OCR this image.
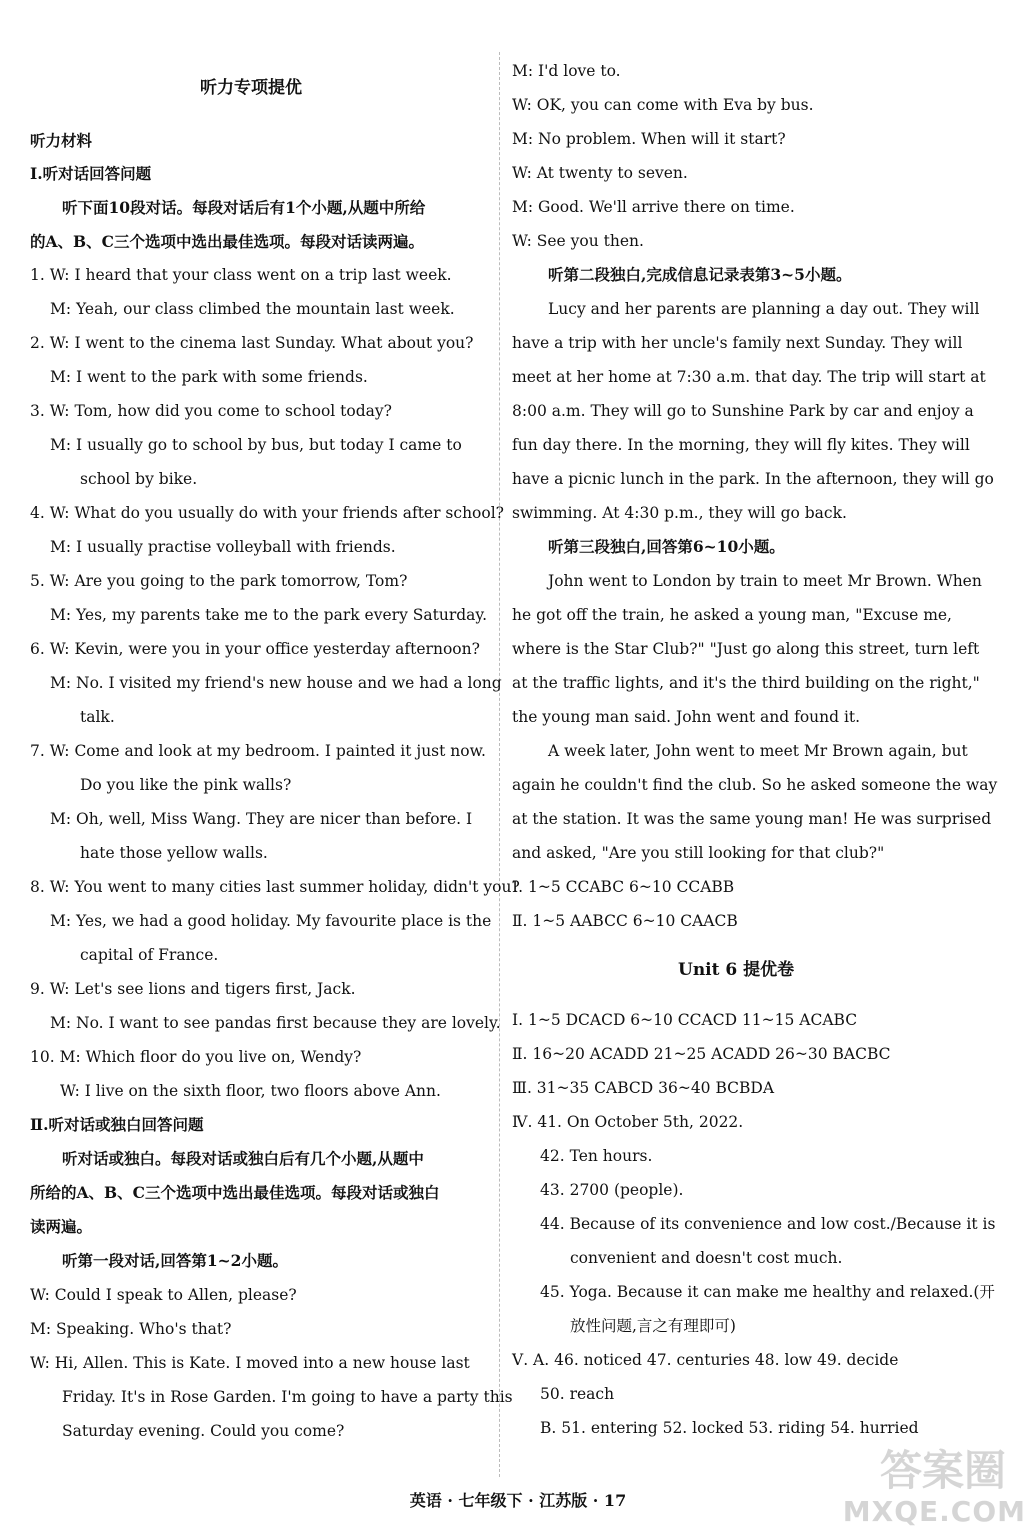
听力专项提优
听力材料
Ⅰ.听对话回答问题
听下面10段对话。每段对话后有1个小题,从题中所给
的A、B、C三个选项中选出最佳选项。每段对话读两遍。
1. W: I heard that your class went on a trip last week.
M: Yeah, our class climbed the mountain last week.
2. W: I went to the cinema last Sunday. What about you?
M: I went to the park with some friends.
3. W: Tom, how did you come to school today?
M: I usually go to school by bus, but today I came to
school by bike.
4. W: What do you usually do with your friends after school?
M: I usually practise volleyball with friends.
5. W: Are you going to the park tomorrow, Tom?
M: Yes, my parents take me to the park every Saturday.
6. W: Kevin, were you in your office yesterday afternoon?
M: No. I visited my friend's new house and we had a long
talk.
7. W: Come and look at my bedroom. I painted it just now.
Do you like the pink walls?
M: Oh, well, Miss Wang. They are nicer than before. I
hate those yellow walls.
8. W: You went to many cities last summer holiday, didn't you?
M: Yes, we had a good holiday. My favourite place is the
capital of France.
9. W: Let's see lions and tigers first, Jack.
M: No. I want to see pandas first because they are lovely.
10. M: Which floor do you live on, Wendy?
W: I live on the sixth floor, two floors above Ann.
Ⅱ.听对话或独白回答问题
听对话或独白。每段对话或独白后有几个小题,从题中
所给的A、B、C三个选项中选出最佳选项。每段对话或独白
读两遍。
听第一段对话,回答第1~2小题。
W: Could I speak to Allen, please?
M: Speaking. Who's that?
W: Hi, Allen. This is Kate. I moved into a new house last
Friday. It's in Rose Garden. I'm going to have a party this
Saturday evening. Could you come?
M: I'd love to.
W: OK, you can come with Eva by bus.
M: No problem. When will it start?
W: At twenty to seven.
M: Good. We'll arrive there on time.
W: See you then.
听第二段独白,完成信息记录表第3~5小题。
Lucy and her parents are planning a day out. They will
have a trip with her uncle's family next Sunday. They will
meet at her home at 7:30 a.m. that day. The trip will start at
8:00 a.m. They will go to Sunshine Park by car and enjoy a
fun day there. In the morning, they will fly kites. They will
have a picnic lunch in the park. In the afternoon, they will go
swimming. At 4:30 p.m., they will go back.
听第三段独白,回答第6~10小题。
John went to London by train to meet Mr Brown. When
he got off the train, he asked a young man, "Excuse me,
where is the Star Club?" "Just go along this street, turn left
at the traffic lights, and it's the third building on the right,"
the young man said. John went and found it.
A week later, John went to meet Mr Brown again, but
again he couldn't find the club. So he asked someone the way
at the station. It was the same young man! He was surprised
and asked, "Are you still looking for that club?"
Ⅰ. 1~5 CCABC 6~10 CCABB
Ⅱ. 1~5 AABCC 6~10 CAACB
Unit 6 提优卷
Ⅰ. 1~5 DCACD 6~10 CCACD 11~15 ACABC
Ⅱ. 16~20 ACADD 21~25 ACADD 26~30 BACBC
Ⅲ. 31~35 CABCD 36~40 BCBDA
Ⅳ. 41. On October 5th, 2022.
42. Ten hours.
43. 2700 (people).
44. Because of its convenience and low cost./Because it is
convenient and doesn't cost much.
45. Yoga. Because it can make me healthy and relaxed.(开
放性问题,言之有理即可)
Ⅴ. A. 46. noticed 47. centuries 48. low 49. decide
50. reach
B. 51. entering 52. locked 53. riding 54. hurried
英语 · 七年级下 · 江苏版 · 17
答案圈
MXQE.COM
